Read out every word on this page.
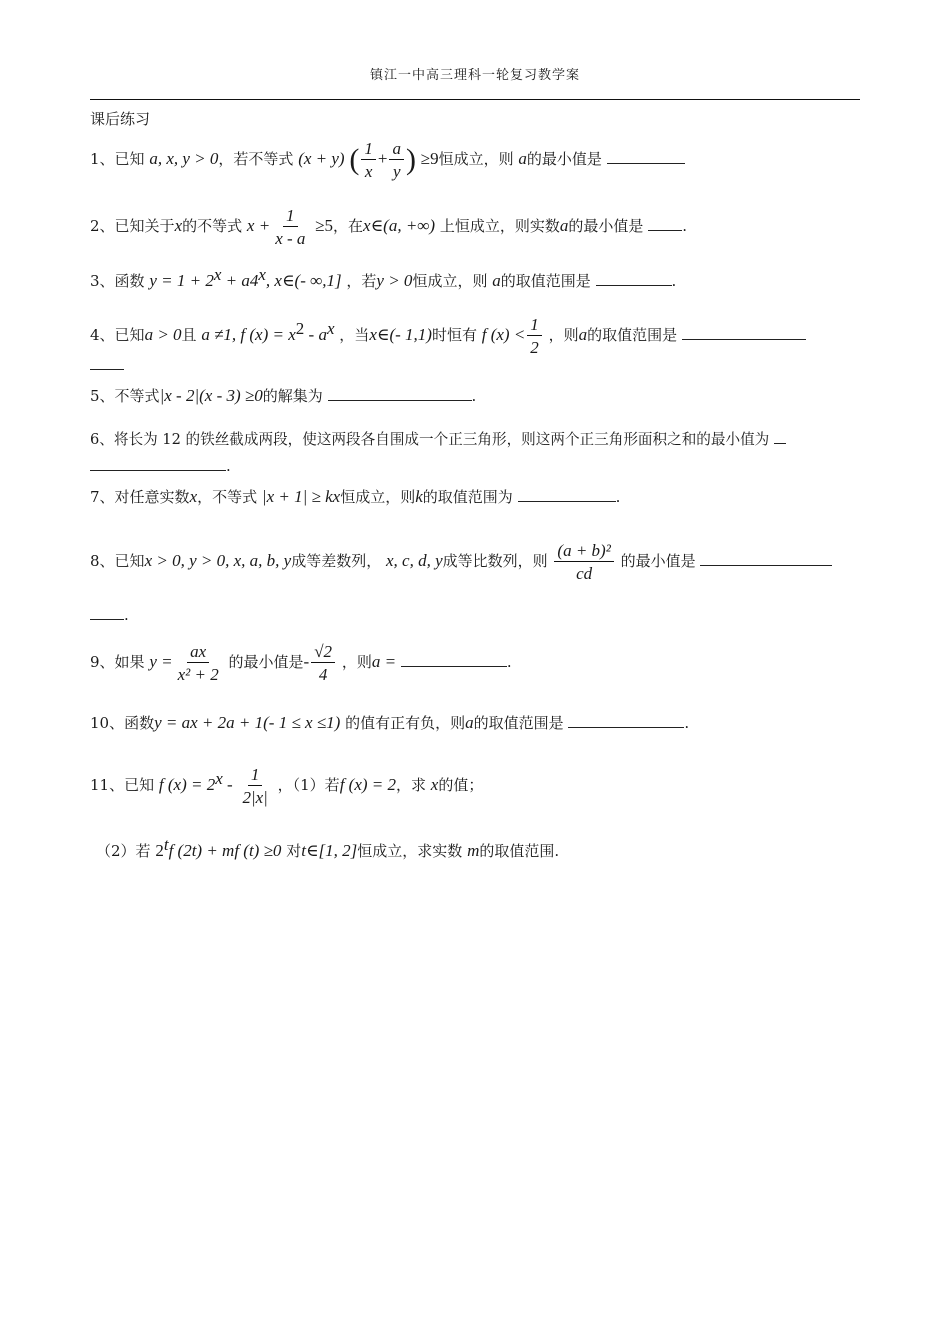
镇江一中高三理科一轮复习教学案
课后练习
1、已知 a, x, y > 0，若不等式 (x + y) ( $\frac{1}{x} + \frac{a}{y}$ ) ≥9恒成立，则 a的最小值是
2、已知关于x的不等式 $x + \frac{1}{x - a} \ge 5$，在x∈(a, +∞) 上恒成立，则实数a的最小值是	.
3、函数 $y = 1 + 2^x + a4^x$, x∈(- ∞,1] ，若y > 0恒成立，则 a的取值范围是	.
4、已知a > 0且 a ≠1, f $(x) = x^2 - a^x$ ，当x∈(- 1,1)时恒有 f $(x) < \frac{1}{2}$ ，则a的取值范围是
5、不等式|x - 2|(x - 3) ≥0的解集为	.
6、将长为 12 的铁丝截成两段，使这两段各自围成一个正三角形，则这两个正三角形面积之和的最小值为
.
7、对任意实数x，不等式 |x + 1| ≥ kx恒成立，则k的取值范围为	.
8、已知x > 0, y > 0, x, a, b, y成等差数列， x, c, d, y成等比数列，则 $\frac{\text{(a + b)²}}{cd}$ 的最小值是
.
9、如果 $y = \frac{ax}{\text{x² + 2}}$ 的最小值是- $\frac{√2}{4}$ ，则a =	.
10、函数y = ax + 2a + 1(- 1 ≤ x ≤1) 的值有正有负，则a的取值范围是	.
11、已知 f $(x) = 2^x - \frac{1}{2|x|}$ ，（1）若f (x) = 2，求 x的值；
（2）若 2$^t$f (2t) + mf (t) ≥0 对t∈[1, 2]恒成立，求实数 m的取值范围.
